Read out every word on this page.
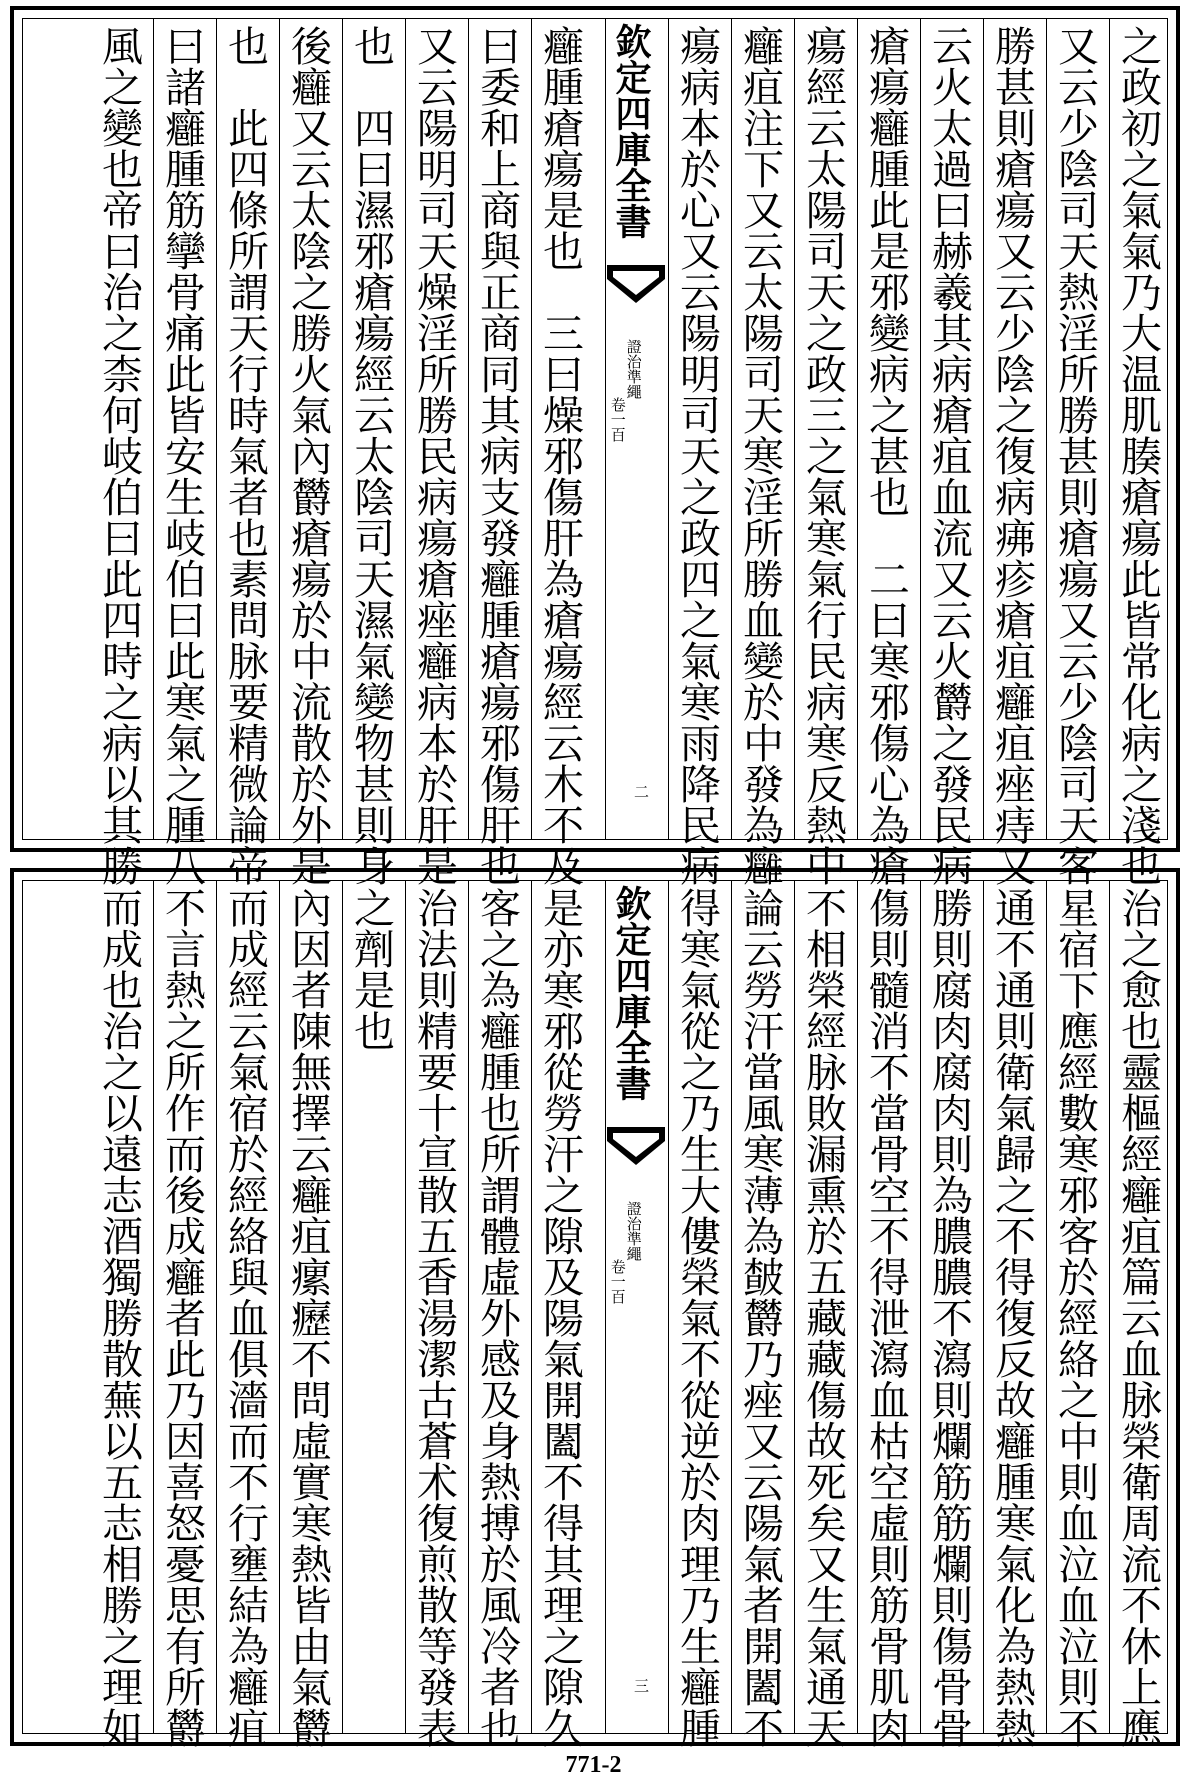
之政初之氣氣乃大温肌腠瘡瘍此皆常化病之淺也
又云少陰司天熱淫所勝甚則瘡瘍又云少陰司天客
勝甚則瘡瘍又云少陰之復病疿疹瘡疽癰疽痤痔又
云火太過曰赫羲其病瘡疽血流又云火欝之發民病
瘡瘍癰腫此是邪變病之甚也　二曰寒邪傷心為瘡
瘍經云太陽司天之政三之氣寒氣行民病寒反熱中
癰疽注下又云太陽司天寒淫所勝血變於中發為癰
瘍病本於心又云陽明司天之政四之氣寒雨降民病
欽定四庫全書
證治準繩
卷一百
二
癰腫瘡瘍是也　三曰燥邪傷肝為瘡瘍經云木不及
曰委和上商與正商同其病支發癰腫瘡瘍邪傷肝也
又云陽明司天燥淫所勝民病瘍瘡痤癰病本於肝是
也　四曰濕邪瘡瘍經云太陰司天濕氣變物甚則身
後癰又云太陰之勝火氣內欝瘡瘍於中流散於外是
也　此四條所謂天行時氣者也素問脉要精微論帝
曰諸癰腫筋攣骨痛此皆安生岐伯曰此寒氣之腫八
風之變也帝曰治之柰何岐伯曰此四時之病以其勝
治之愈也靈樞經癰疽篇云血脉榮衛周流不休上應
星宿下應經數寒邪客於經絡之中則血泣血泣則不
通不通則衛氣歸之不得復反故癰腫寒氣化為熱熱
勝則腐肉腐肉則為膿膿不瀉則爛筋筋爛則傷骨骨
傷則髓消不當骨空不得泄瀉血枯空虛則筋骨肌肉
不相榮經脉敗漏熏於五藏藏傷故死矣又生氣通天
論云勞汗當風寒薄為皶欝乃痤又云陽氣者開闔不
得寒氣從之乃生大僂榮氣不從逆於肉理乃生癰腫
欽定四庫全書
證治準繩
卷一百
三
是亦寒邪從勞汗之隙及陽氣開闔不得其理之隙久
客之為癰腫也所謂體虛外感及身熱搏於風冷者也
治法則精要十宣散五香湯潔古蒼术復煎散等發表
之劑是也
內因者陳無擇云癰疽瘰癧不問虛實寒熱皆由氣欝
而成經云氣宿於經絡與血俱濇而不行壅結為癰疽
不言熱之所作而後成癰者此乃因喜怒憂思有所欝
而成也治之以遠志酒獨勝散蕪以五志相勝之理如
771-2
